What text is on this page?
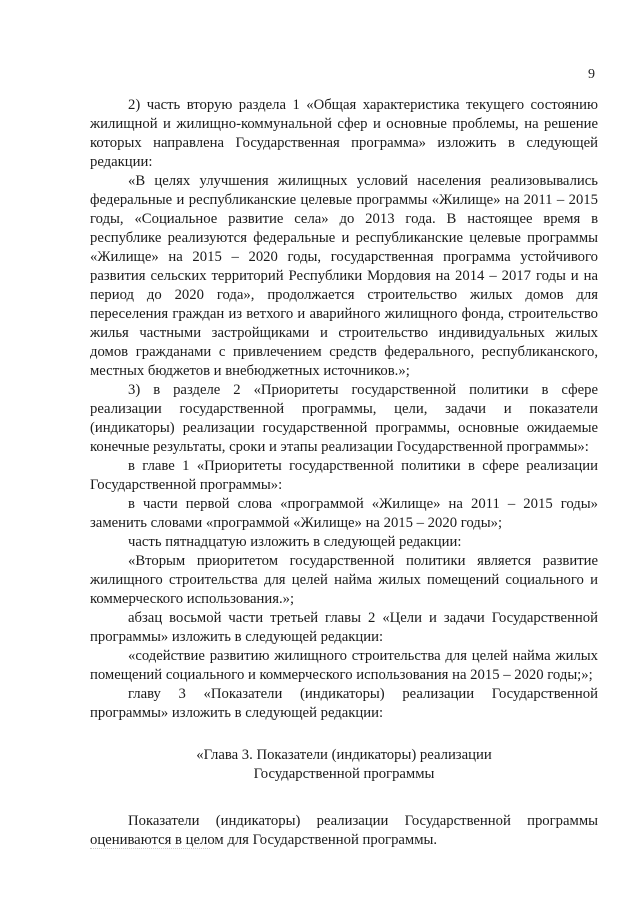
9

2) часть вторую раздела 1 «Общая характеристика текущего состоянию жилищной и жилищно-коммунальной сфер и основные проблемы, на решение которых направлена Государственная программа» изложить в следующей редакции:

«В целях улучшения жилищных условий населения реализовывались федеральные и республиканские целевые программы «Жилище» на 2011 – 2015 годы, «Социальное развитие села» до 2013 года. В настоящее время в республике реализуются федеральные и республиканские целевые программы «Жилище» на 2015 – 2020 годы, государственная программа устойчивого развития сельских территорий Республики Мордовия на 2014 – 2017 годы и на период до 2020 года», продолжается строительство жилых домов для переселения граждан из ветхого и аварийного жилищного фонда, строительство жилья частными застройщиками и строительство индивидуальных жилых домов гражданами с привлечением средств федерального, республиканского, местных бюджетов и внебюджетных источников.»;

3) в разделе 2 «Приоритеты государственной политики в сфере реализации государственной программы, цели, задачи и показатели (индикаторы) реализации государственной программы, основные ожидаемые конечные результаты, сроки и этапы реализации Государственной программы»:

в главе 1 «Приоритеты государственной политики в сфере реализации Государственной программы»:

в части первой слова «программой «Жилище» на 2011 – 2015 годы» заменить словами «программой «Жилище» на 2015 – 2020 годы»;

часть пятнадцатую изложить в следующей редакции:

«Вторым приоритетом государственной политики является развитие жилищного строительства для целей найма жилых помещений социального и коммерческого использования.»;

абзац восьмой части третьей главы 2 «Цели и задачи Государственной программы» изложить в следующей редакции:

«содействие развитию жилищного строительства для целей найма жилых помещений социального и коммерческого использования на 2015 – 2020 годы;»;

главу 3 «Показатели (индикаторы) реализации Государственной программы» изложить в следующей редакции:

«Глава 3. Показатели (индикаторы) реализации
Государственной программы

Показатели (индикаторы) реализации Государственной программы оцениваются в целом для Государственной программы.
